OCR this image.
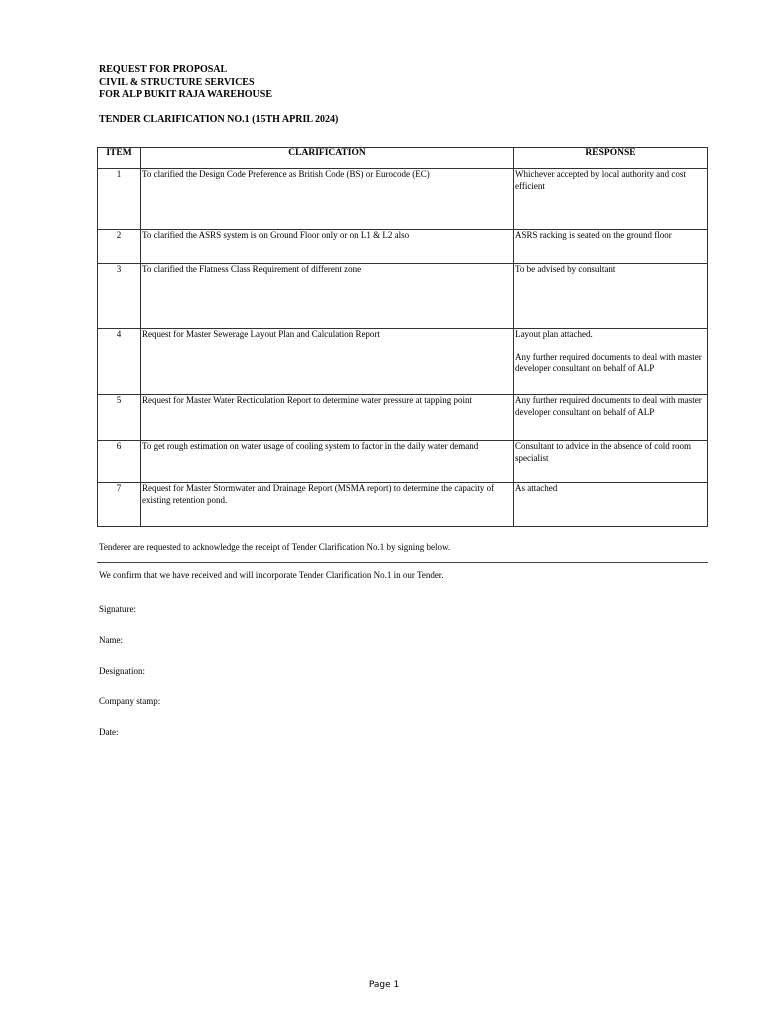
REQUEST FOR PROPOSAL
CIVIL & STRUCTURE SERVICES
FOR ALP BUKIT RAJA WAREHOUSE
TENDER CLARIFICATION NO.1 (15TH APRIL 2024)
ITEM	CLARIFICATION	RESPONSE
1	To clarified the Design Code Preference as British Code (BS) or Eurocode (EC)	Whichever accepted by local authority and cost efficient

2	To clarified the ASRS system is on Ground Floor only or on L1 & L2 also	ASRS racking is seated on the ground floor

3	To clarified the Flatness Class Requirement of different zone	To be advised by consultant

4	Request for Master Sewerage Layout Plan and Calculation Report	Layout plan attached.
Any further required documents to deal with master developer consultant on behalf of ALP

5	Request for Master Water Recticulation Report to determine water pressure at tapping point	Any further required documents to deal with master developer consultant on behalf of ALP

6	To get rough estimation on water usage of cooling system to factor in the daily water demand	Consultant to advice in the absence of cold room specialist

7	Request for Master Stormwater and Drainage Report (MSMA report) to determine the capacity of existing retention pond.	As attached
Tenderer are requested to acknowledge the receipt of Tender Clarification No.1 by signing below.
We confirm that we have received and will incorporate Tender Clarification No.1 in our Tender.
Signature:
Name:
Designation:
Company stamp:
Date:
Page 1
